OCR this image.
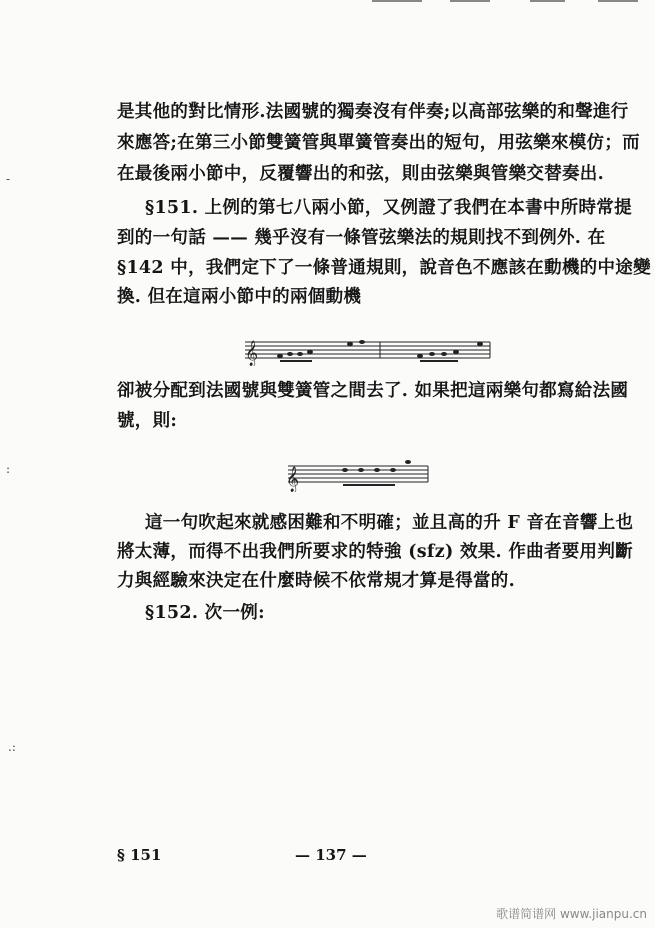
-
:
.:
是其他的對比情形.法國號的獨奏沒有伴奏;以高部弦樂的和聲進行
來應答;在第三小節雙簧管與單簧管奏出的短句，用弦樂來模仿；而
在最後兩小節中，反覆響出的和弦，則由弦樂與管樂交替奏出.
§151. 上例的第七八兩小節，又例證了我們在本書中所時常提
到的一句話 —— 幾乎沒有一條管弦樂法的規則找不到例外. 在
§142 中，我們定下了一條普通規則，說音色不應該在動機的中途變
換. 但在這兩小節中的兩個動機
𝄞
卻被分配到法國號與雙簧管之間去了. 如果把這兩樂句都寫給法國
號，則:
𝄞
這一句吹起來就感困難和不明確；並且高的升 F 音在音響上也
將太薄，而得不出我們所要求的特強 (sfz) 效果. 作曲者要用判斷
力與經驗來決定在什麼時候不依常規才算是得當的.
§152. 次一例:
§ 151	— 137 —
歌谱简谱网 www.jianpu.cn
